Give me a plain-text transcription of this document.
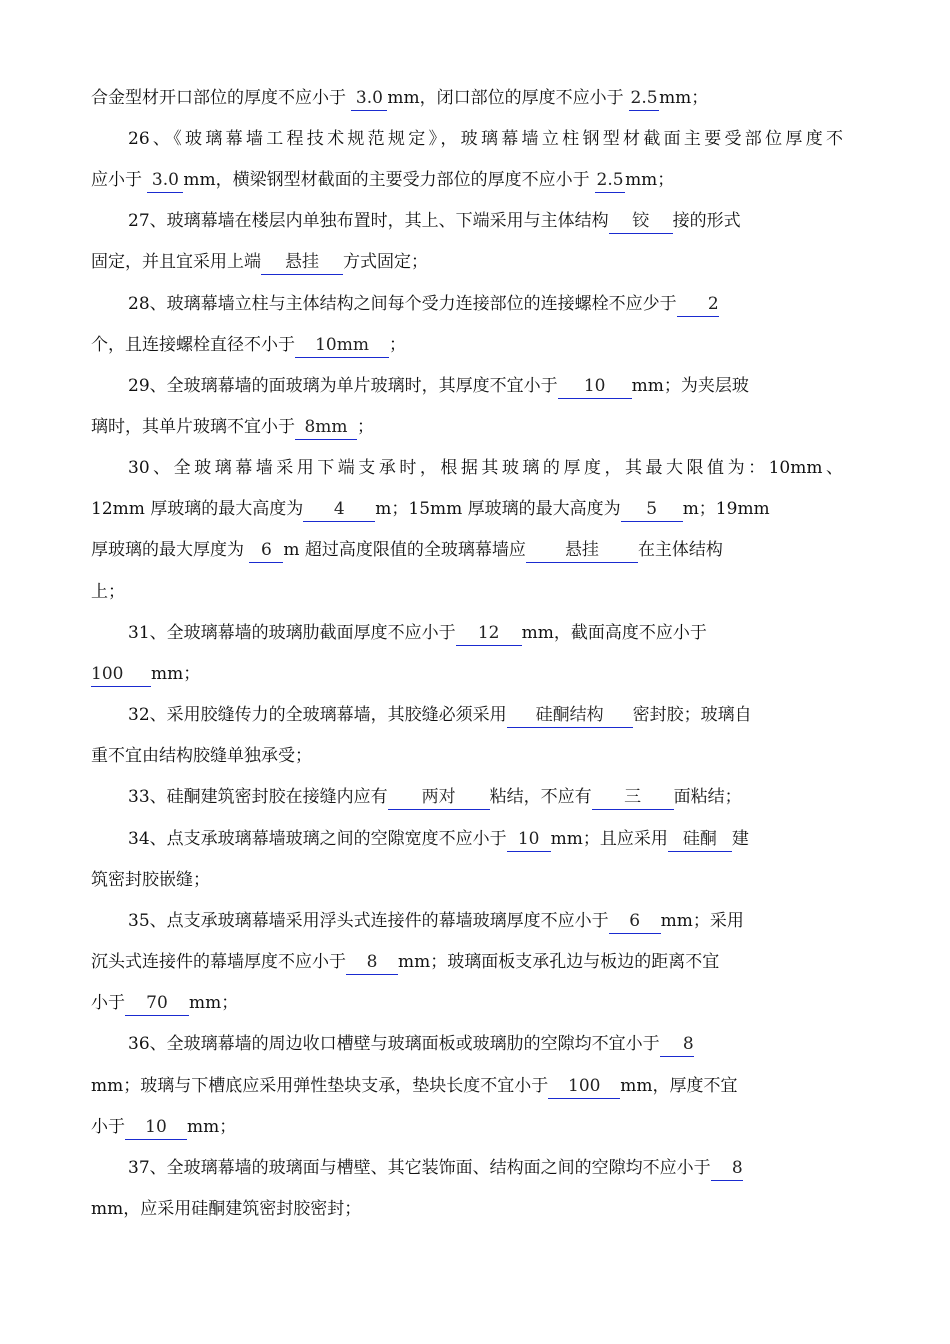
合金型材开口部位的厚度不应小于 3.0 mm，闭口部位的厚度不应小于 2.5mm；
26、《玻璃幕墙工程技术规范规定》，玻璃幕墙立柱钢型材截面主要受部位厚度不
应小于 3.0 mm，横梁钢型材截面的主要受力部位的厚度不应小于 2.5mm；
27、玻璃幕墙在楼层内单独布置时，其上、下端采用与主体结构 铰 接的形式
固定，并且宜采用上端 悬挂 方式固定；
28、玻璃幕墙立柱与主体结构之间每个受力连接部位的连接螺栓不应少于 2
个，且连接螺栓直径不小于 10mm ；
29、全玻璃幕墙的面玻璃为单片玻璃时，其厚度不宜小于 10 mm；为夹层玻
璃时，其单片玻璃不宜小于 8mm ；
30、全玻璃幕墙采用下端支承时，根据其玻璃的厚度，其最大限值为：10mm、
12mm 厚玻璃的最大高度为 4 m；15mm 厚玻璃的最大高度为 5 m；19mm
厚玻璃的最大厚度为 6 m 超过高度限值的全玻璃幕墙应 悬挂 在主体结构
上；
31、全玻璃幕墙的玻璃肋截面厚度不应小于 12 mm，截面高度不应小于
100 mm；
32、采用胶缝传力的全玻璃幕墙，其胶缝必须采用 硅酮结构 密封胶；玻璃自
重不宜由结构胶缝单独承受；
33、硅酮建筑密封胶在接缝内应有 两对 粘结，不应有 三 面粘结；
34、点支承玻璃幕墙玻璃之间的空隙宽度不应小于 10 mm；且应采用 硅酮 建
筑密封胶嵌缝；
35、点支承玻璃幕墙采用浮头式连接件的幕墙玻璃厚度不应小于 6 mm；采用
沉头式连接件的幕墙厚度不应小于 8 mm；玻璃面板支承孔边与板边的距离不宜
小于 70 mm；
36、全玻璃幕墙的周边收口槽壁与玻璃面板或玻璃肋的空隙均不宜小于 8
mm；玻璃与下槽底应采用弹性垫块支承，垫块长度不宜小于 100 mm，厚度不宜
小于 10 mm；
37、全玻璃幕墙的玻璃面与槽壁、其它装饰面、结构面之间的空隙均不应小于 8
mm，应采用硅酮建筑密封胶密封；
